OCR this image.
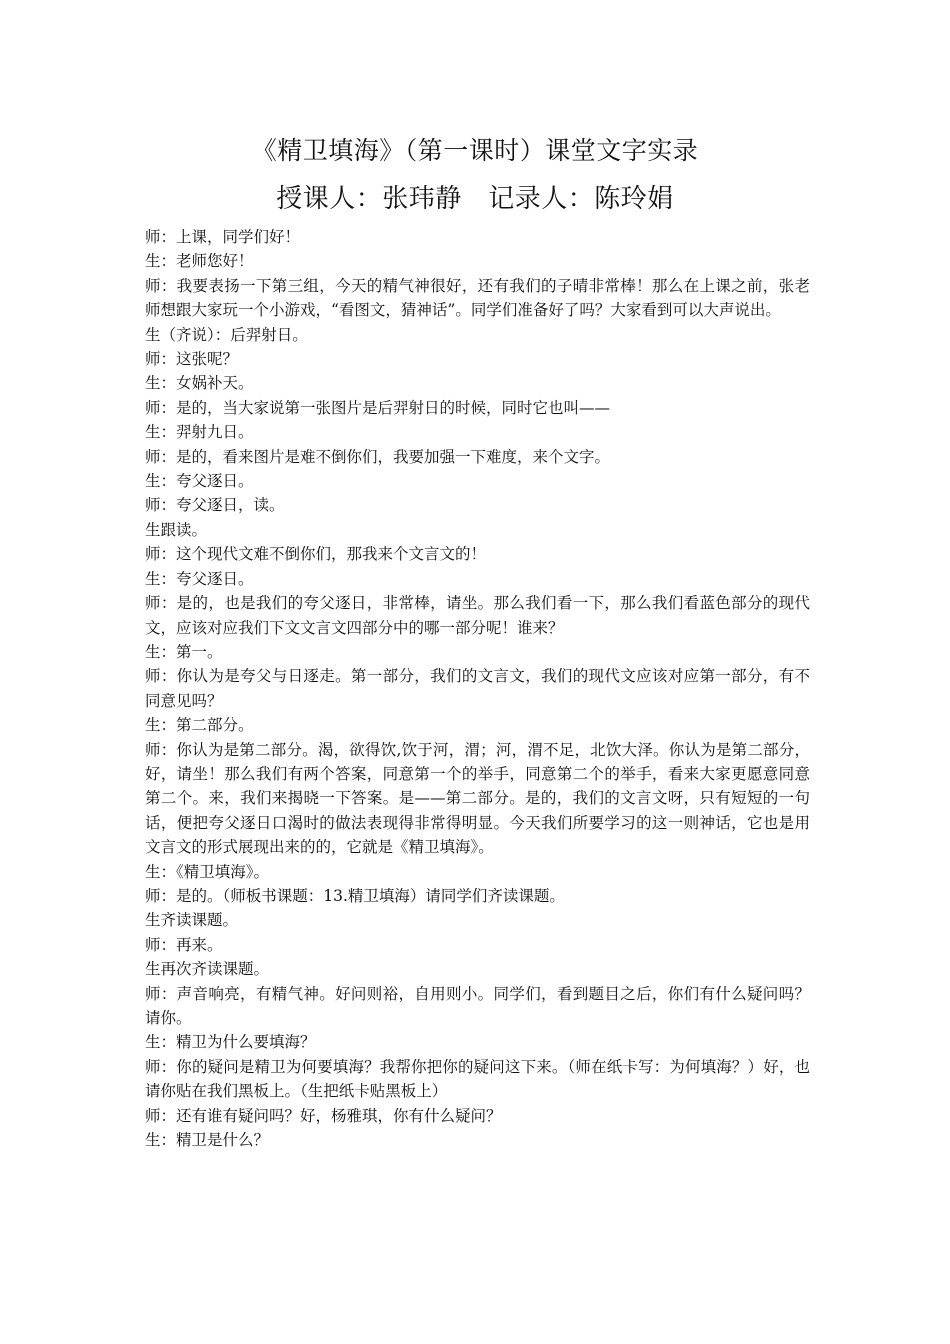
《精卫填海》（第一课时）课堂文字实录
授课人：张玮静　记录人：陈玲娟
师：上课，同学们好！
生：老师您好！
师：我要表扬一下第三组，今天的精气神很好，还有我们的子晴非常棒！那么在上课之前，张老师想跟大家玩一个小游戏，“看图文，猜神话”。同学们准备好了吗？大家看到可以大声说出。
生（齐说）：后羿射日。
师：这张呢？
生：女娲补天。
师：是的，当大家说第一张图片是后羿射日的时候，同时它也叫——
生：羿射九日。
师：是的，看来图片是难不倒你们，我要加强一下难度，来个文字。
生：夸父逐日。
师：夸父逐日，读。
生跟读。
师：这个现代文难不倒你们，那我来个文言文的！
生：夸父逐日。
师：是的，也是我们的夸父逐日，非常棒，请坐。那么我们看一下，那么我们看蓝色部分的现代文，应该对应我们下文文言文四部分中的哪一部分呢！谁来？
生：第一。
师：你认为是夸父与日逐走。第一部分，我们的文言文，我们的现代文应该对应第一部分，有不同意见吗？
生：第二部分。
师：你认为是第二部分。渴，欲得饮,饮于河，渭；河，渭不足，北饮大泽。你认为是第二部分，好，请坐！那么我们有两个答案，同意第一个的举手，同意第二个的举手，看来大家更愿意同意第二个。来，我们来揭晓一下答案。是——第二部分。是的，我们的文言文呀，只有短短的一句话，便把夸父逐日口渴时的做法表现得非常得明显。今天我们所要学习的这一则神话，它也是用文言文的形式展现出来的的，它就是《精卫填海》。
生：《精卫填海》。
师：是的。（师板书课题：13.精卫填海）请同学们齐读课题。
生齐读课题。
师：再来。
生再次齐读课题。
师：声音响亮，有精气神。好问则裕，自用则小。同学们，看到题目之后，你们有什么疑问吗？请你。
生：精卫为什么要填海？
师：你的疑问是精卫为何要填海？我帮你把你的疑问这下来。（师在纸卡写：为何填海？）好，也请你贴在我们黑板上。（生把纸卡贴黑板上）
师：还有谁有疑问吗？好，杨雅琪，你有什么疑问？
生：精卫是什么？
